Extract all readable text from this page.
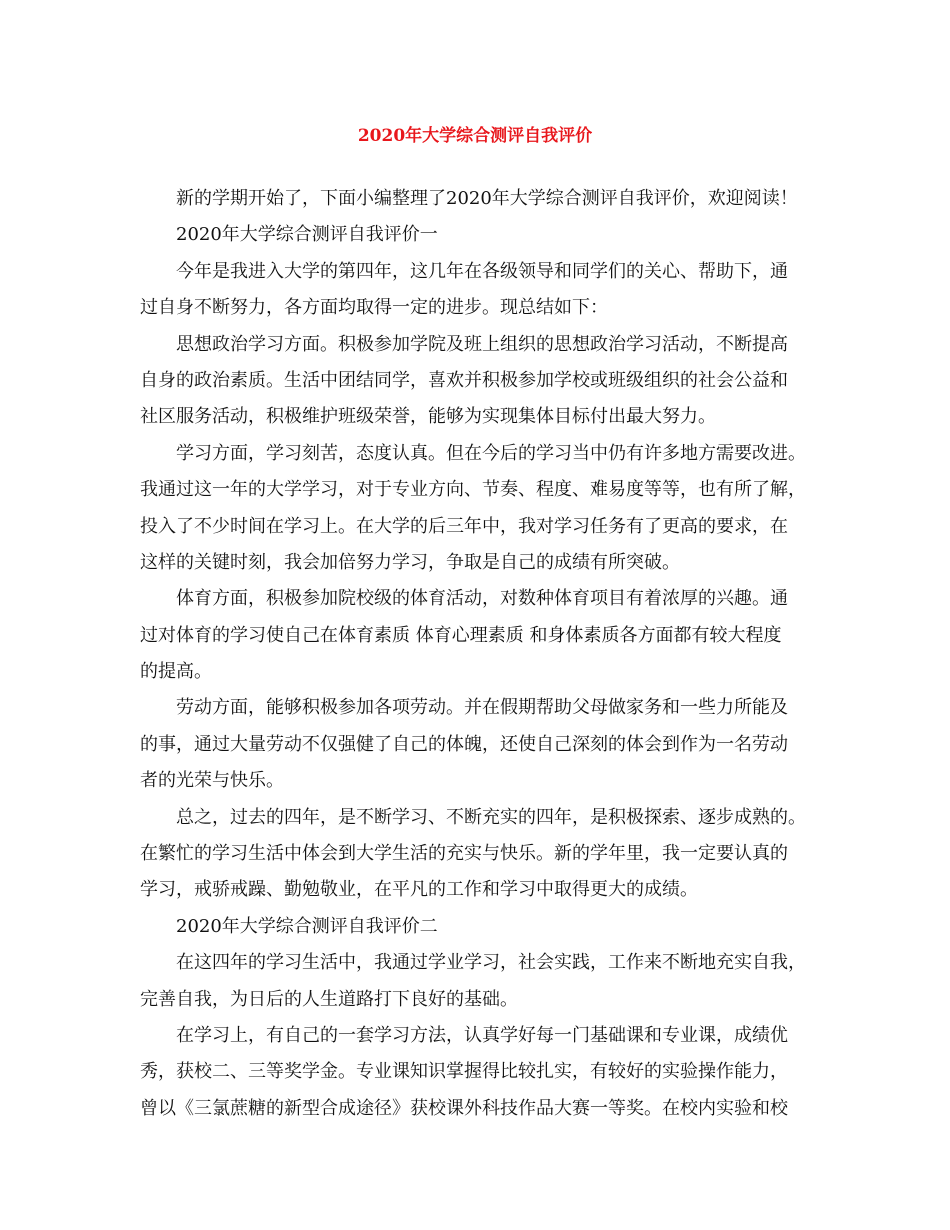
2020年大学综合测评自我评价
新的学期开始了，下面小编整理了2020年大学综合测评自我评价，欢迎阅读！
2020年大学综合测评自我评价一
今年是我进入大学的第四年，这几年在各级领导和同学们的关心、帮助下，通
过自身不断努力，各方面均取得一定的进步。现总结如下：
思想政治学习方面。积极参加学院及班上组织的思想政治学习活动，不断提高
自身的政治素质。生活中团结同学，喜欢并积极参加学校或班级组织的社会公益和
社区服务活动，积极维护班级荣誉，能够为实现集体目标付出最大努力。
学习方面，学习刻苦，态度认真。但在今后的学习当中仍有许多地方需要改进。
我通过这一年的大学学习，对于专业方向、节奏、程度、难易度等等，也有所了解，
投入了不少时间在学习上。在大学的后三年中，我对学习任务有了更高的要求，在
这样的关键时刻，我会加倍努力学习，争取是自己的成绩有所突破。
体育方面，积极参加院校级的体育活动，对数种体育项目有着浓厚的兴趣。通
过对体育的学习使自己在体育素质 体育心理素质 和身体素质各方面都有较大程度
的提高。
劳动方面，能够积极参加各项劳动。并在假期帮助父母做家务和一些力所能及
的事，通过大量劳动不仅强健了自己的体魄，还使自己深刻的体会到作为一名劳动
者的光荣与快乐。
总之，过去的四年，是不断学习、不断充实的四年，是积极探索、逐步成熟的。
在繁忙的学习生活中体会到大学生活的充实与快乐。新的学年里，我一定要认真的
学习，戒骄戒躁、勤勉敬业，在平凡的工作和学习中取得更大的成绩。
2020年大学综合测评自我评价二
在这四年的学习生活中，我通过学业学习，社会实践，工作来不断地充实自我，
完善自我，为日后的人生道路打下良好的基础。
在学习上，有自己的一套学习方法，认真学好每一门基础课和专业课，成绩优
秀，获校二、三等奖学金。专业课知识掌握得比较扎实，有较好的实验操作能力，
曾以《三氯蔗糖的新型合成途径》获校课外科技作品大赛一等奖。在校内实验和校
